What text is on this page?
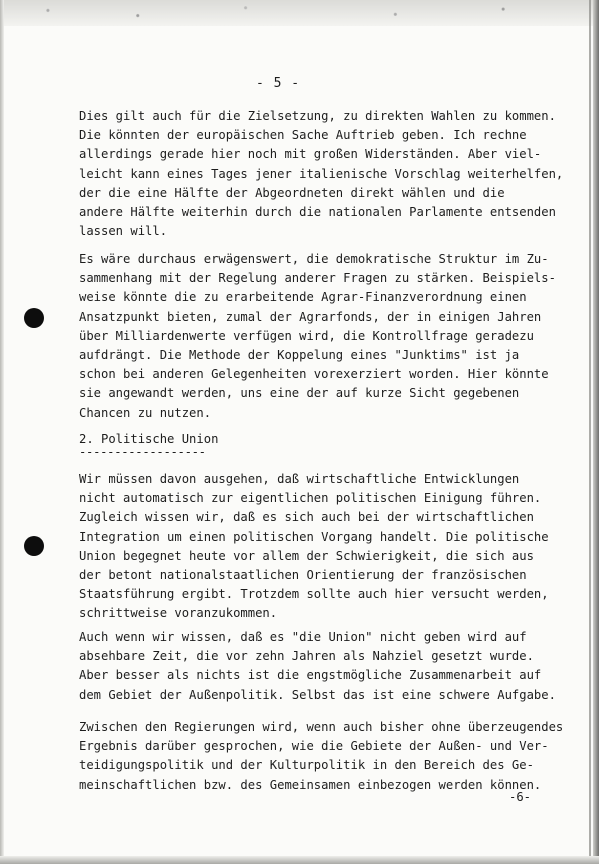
- 5 -

Dies gilt auch für die Zielsetzung, zu direkten Wahlen zu kommen.
Die könnten der europäischen Sache Auftrieb geben. Ich rechne
allerdings gerade hier noch mit großen Widerständen. Aber viel-
leicht kann eines Tages jener italienische Vorschlag weiterhelfen,
der die eine Hälfte der Abgeordneten direkt wählen und die
andere Hälfte weiterhin durch die nationalen Parlamente entsenden
lassen will.

Es wäre durchaus erwägenswert, die demokratische Struktur im Zu-
sammenhang mit der Regelung anderer Fragen zu stärken. Beispiels-
weise könnte die zu erarbeitende Agrar-Finanzverordnung einen
Ansatzpunkt bieten, zumal der Agrarfonds, der in einigen Jahren
über Milliardenwerte verfügen wird, die Kontrollfrage geradezu
aufdrängt. Die Methode der Koppelung eines "Junktims" ist ja
schon bei anderen Gelegenheiten vorexerziert worden. Hier könnte
sie angewandt werden, uns eine der auf kurze Sicht gegebenen
Chancen zu nutzen.

2. Politische Union
------------------

Wir müssen davon ausgehen, daß wirtschaftliche Entwicklungen
nicht automatisch zur eigentlichen politischen Einigung führen.
Zugleich wissen wir, daß es sich auch bei der wirtschaftlichen
Integration um einen politischen Vorgang handelt. Die politische
Union begegnet heute vor allem der Schwierigkeit, die sich aus
der betont nationalstaatlichen Orientierung der französischen
Staatsführung ergibt. Trotzdem sollte auch hier versucht werden,
schrittweise voranzukommen.

Auch wenn wir wissen, daß es "die Union" nicht geben wird auf
absehbare Zeit, die vor zehn Jahren als Nahziel gesetzt wurde.
Aber besser als nichts ist die engstmögliche Zusammenarbeit auf
dem Gebiet der Außenpolitik. Selbst das ist eine schwere Aufgabe.

Zwischen den Regierungen wird, wenn auch bisher ohne überzeugendes
Ergebnis darüber gesprochen, wie die Gebiete der Außen- und Ver-
teidigungspolitik und der Kulturpolitik in den Bereich des Ge-
meinschaftlichen bzw. des Gemeinsamen einbezogen werden können.

-6-
